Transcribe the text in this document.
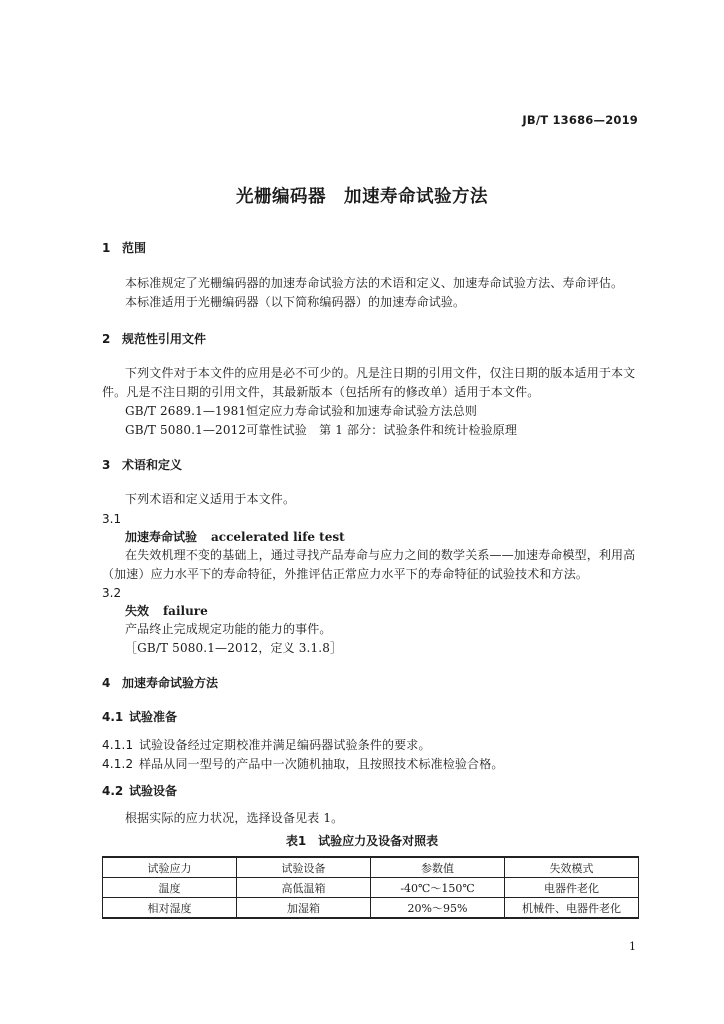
JB/T 13686—2019
光栅编码器　加速寿命试验方法
1 范围
本标准规定了光栅编码器的加速寿命试验方法的术语和定义、加速寿命试验方法、寿命评估。
本标准适用于光栅编码器（以下简称编码器）的加速寿命试验。
2 规范性引用文件
下列文件对于本文件的应用是必不可少的。凡是注日期的引用文件，仅注日期的版本适用于本文
件。凡是不注日期的引用文件，其最新版本（包括所有的修改单）适用于本文件。
GB/T 2689.1—1981恒定应力寿命试验和加速寿命试验方法总则
GB/T 5080.1—2012可靠性试验　第 1 部分：试验条件和统计检验原理
3 术语和定义
下列术语和定义适用于本文件。
3.1
加速寿命试验 accelerated life test
在失效机理不变的基础上，通过寻找产品寿命与应力之间的数学关系——加速寿命模型，利用高
（加速）应力水平下的寿命特征，外推评估正常应力水平下的寿命特征的试验技术和方法。
3.2
失效 failure
产品终止完成规定功能的能力的事件。
［GB/T 5080.1—2012，定义 3.1.8］
4 加速寿命试验方法
4.1 试验准备
4.1.1 试验设备经过定期校准并满足编码器试验条件的要求。
4.1.2 样品从同一型号的产品中一次随机抽取，且按照技术标准检验合格。
4.2 试验设备
根据实际的应力状况，选择设备见表 1。
表1　试验应力及设备对照表
试验应力	试验设备	参数值	失效模式
温度	高低温箱	-40℃～150℃	电器件老化
相对湿度	加湿箱	20%～95%	机械件、电器件老化
1
